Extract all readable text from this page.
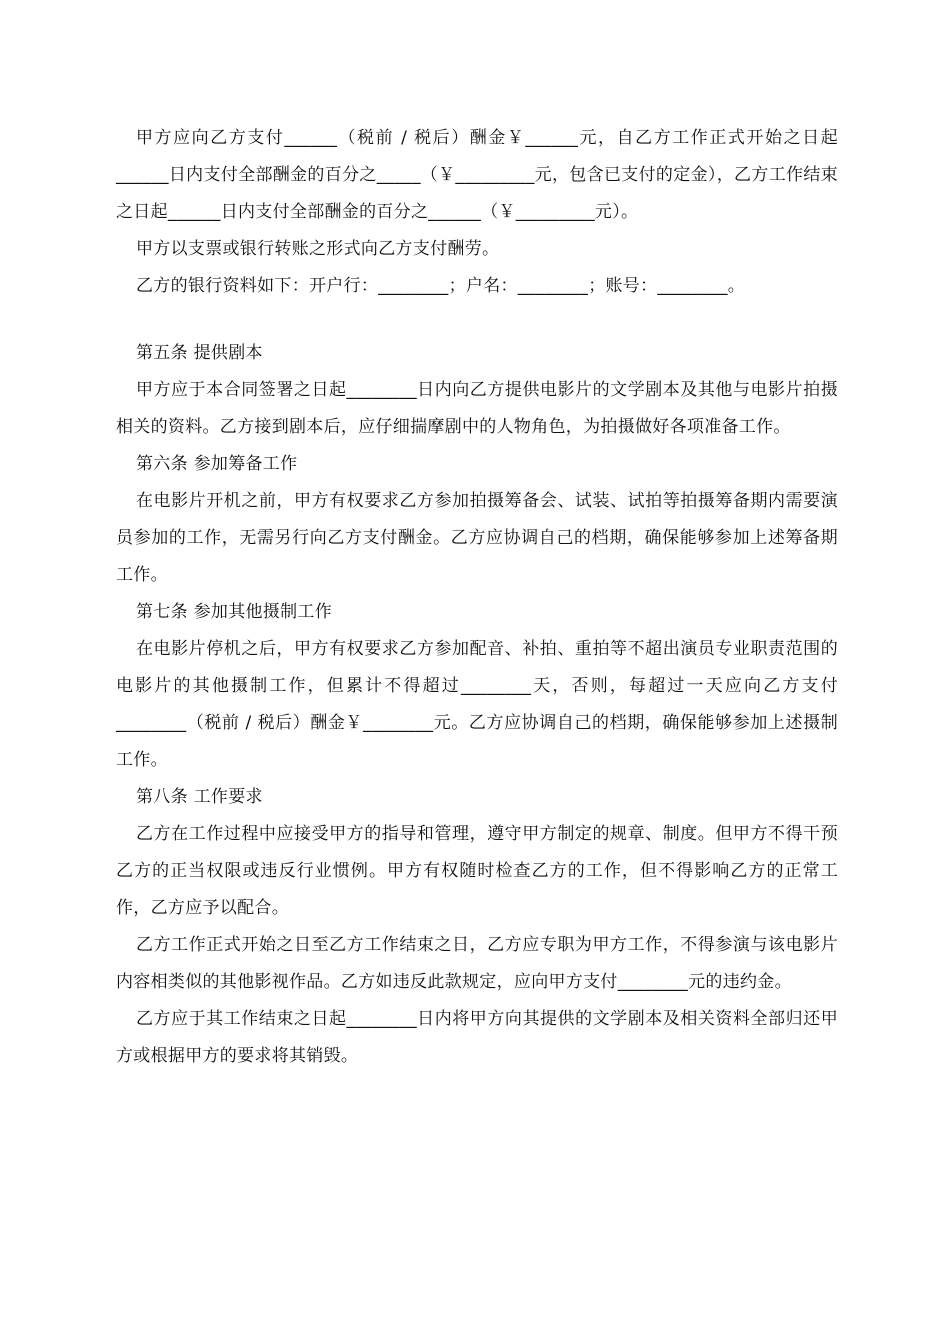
甲方应向乙方支付______（税前 / 税后）酬金￥______元，自乙方工作正式开始之日起______日内支付全部酬金的百分之_____（￥_________元，包含已支付的定金），乙方工作结束之日起______日内支付全部酬金的百分之______（￥_________元）。

甲方以支票或银行转账之形式向乙方支付酬劳。

乙方的银行资料如下：开户行：________；户名：________；账号：________。

第五条 提供剧本

甲方应于本合同签署之日起________日内向乙方提供电影片的文学剧本及其他与电影片拍摄相关的资料。乙方接到剧本后，应仔细揣摩剧中的人物角色，为拍摄做好各项准备工作。

第六条 参加筹备工作

在电影片开机之前，甲方有权要求乙方参加拍摄筹备会、试装、试拍等拍摄筹备期内需要演员参加的工作，无需另行向乙方支付酬金。乙方应协调自己的档期，确保能够参加上述筹备期工作。

第七条 参加其他摄制工作

在电影片停机之后，甲方有权要求乙方参加配音、补拍、重拍等不超出演员专业职责范围的电影片的其他摄制工作，但累计不得超过________天，否则，每超过一天应向乙方支付________（税前 / 税后）酬金￥________元。乙方应协调自己的档期，确保能够参加上述摄制工作。

第八条 工作要求

乙方在工作过程中应接受甲方的指导和管理，遵守甲方制定的规章、制度。但甲方不得干预乙方的正当权限或违反行业惯例。甲方有权随时检查乙方的工作，但不得影响乙方的正常工作，乙方应予以配合。

乙方工作正式开始之日至乙方工作结束之日，乙方应专职为甲方工作，不得参演与该电影片内容相类似的其他影视作品。乙方如违反此款规定，应向甲方支付________元的违约金。

乙方应于其工作结束之日起________日内将甲方向其提供的文学剧本及相关资料全部归还甲方或根据甲方的要求将其销毁。
